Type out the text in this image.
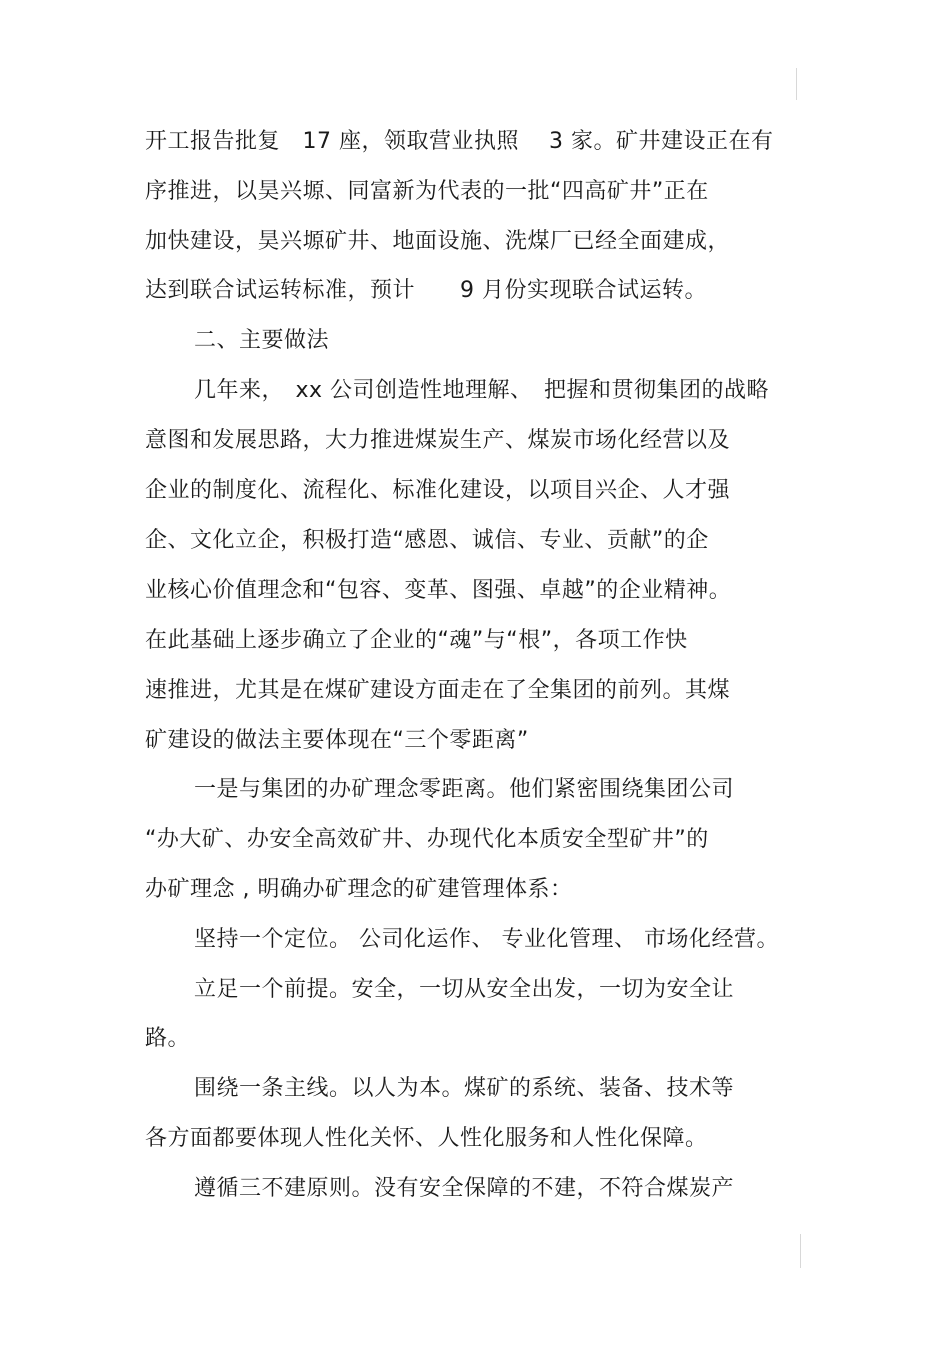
开工报告批复　17 座，领取营业执照　 3 家。矿井建设正在有
序推进，以昊兴塬、同富新为代表的一批“四高矿井”正在
加快建设，昊兴塬矿井、地面设施、洗煤厂已经全面建成，
达到联合试运转标准，预计　　9 月份实现联合试运转。
二、主要做法
几年来，　xx 公司创造性地理解、　把握和贯彻集团的战略
意图和发展思路，大力推进煤炭生产、煤炭市场化经营以及
企业的制度化、流程化、标准化建设，以项目兴企、人才强
企、文化立企，积极打造“感恩、诚信、专业、贡献”的企
业核心价值理念和“包容、变革、图强、卓越”的企业精神。
在此基础上逐步确立了企业的“魂”与“根”，各项工作快
速推进，尤其是在煤矿建设方面走在了全集团的前列。其煤
矿建设的做法主要体现在“三个零距离”
一是与集团的办矿理念零距离。他们紧密围绕集团公司
“办大矿、办安全高效矿井、办现代化本质安全型矿井”的
办矿理念 , 明确办矿理念的矿建管理体系：
坚持一个定位。 公司化运作、 专业化管理、 市场化经营。
立足一个前提。安全，一切从安全出发，一切为安全让
路。
围绕一条主线。以人为本。煤矿的系统、装备、技术等
各方面都要体现人性化关怀、人性化服务和人性化保障。
遵循三不建原则。没有安全保障的不建，不符合煤炭产
